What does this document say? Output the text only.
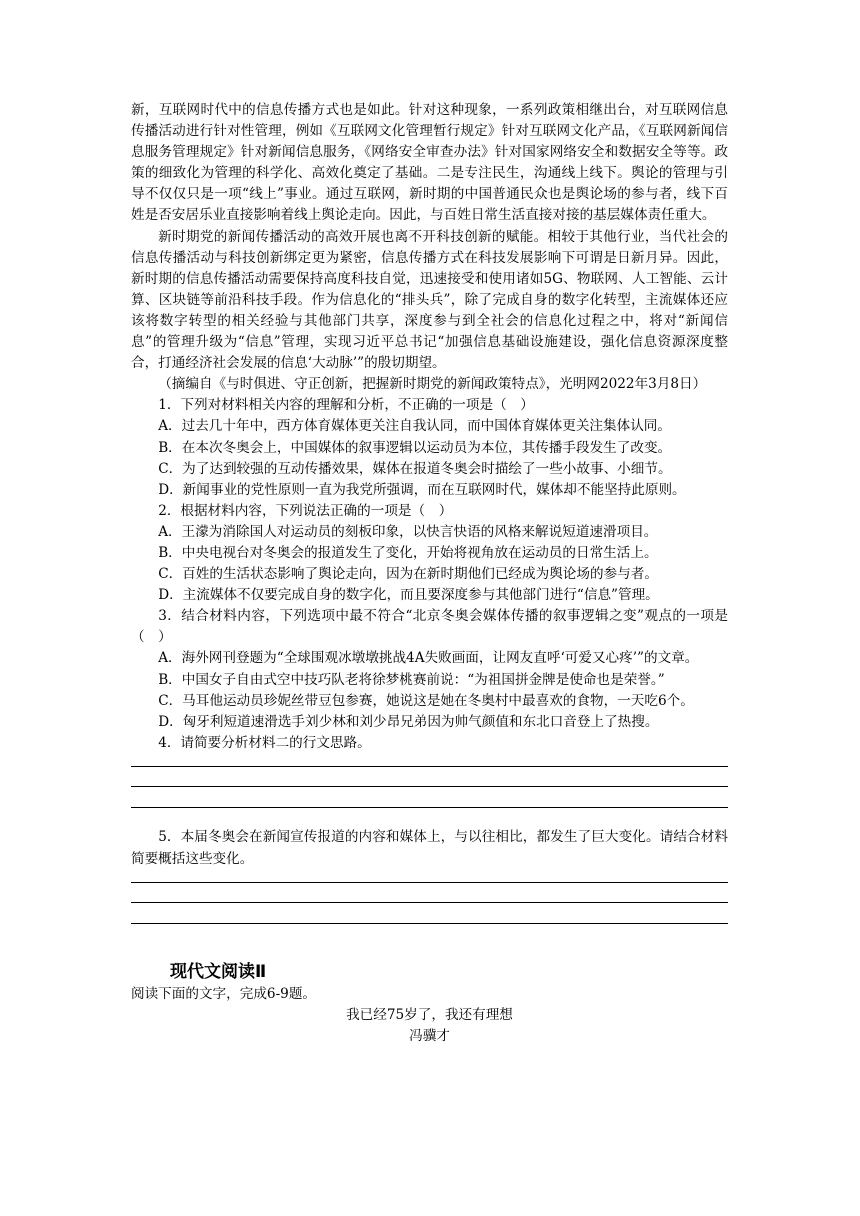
新，互联网时代中的信息传播方式也是如此。针对这种现象，一系列政策相继出台，对互联网信息传播活动进行针对性管理，例如《互联网文化管理暂行规定》针对互联网文化产品，《互联网新闻信息服务管理规定》针对新闻信息服务，《网络安全审查办法》针对国家网络安全和数据安全等等。政策的细致化为管理的科学化、高效化奠定了基础。二是专注民生，沟通线上线下。舆论的管理与引导不仅仅只是一项“线上”事业。通过互联网，新时期的中国普通民众也是舆论场的参与者，线下百姓是否安居乐业直接影响着线上舆论走向。因此，与百姓日常生活直接对接的基层媒体责任重大。

新时期党的新闻传播活动的高效开展也离不开科技创新的赋能。相较于其他行业，当代社会的信息传播活动与科技创新绑定更为紧密，信息传播方式在科技发展影响下可谓是日新月异。因此，新时期的信息传播活动需要保持高度科技自觉，迅速接受和使用诸如5G、物联网、人工智能、云计算、区块链等前沿科技手段。作为信息化的“排头兵”，除了完成自身的数字化转型，主流媒体还应该将数字转型的相关经验与其他部门共享，深度参与到全社会的信息化过程之中，将对“新闻信息”的管理升级为“信息”管理，实现习近平总书记“加强信息基础设施建设，强化信息资源深度整合，打通经济社会发展的信息‘大动脉’”的殷切期望。

（摘编自《与时俱进、守正创新，把握新时期党的新闻政策特点》，光明网2022年3月8日）

1．下列对材料相关内容的理解和分析，不正确的一项是（　）

A．过去几十年中，西方体育媒体更关注自我认同，而中国体育媒体更关注集体认同。

B．在本次冬奥会上，中国媒体的叙事逻辑以运动员为本位，其传播手段发生了改变。

C．为了达到较强的互动传播效果，媒体在报道冬奥会时描绘了一些小故事、小细节。

D．新闻事业的党性原则一直为我党所强调，而在互联网时代，媒体却不能坚持此原则。

2．根据材料内容，下列说法正确的一项是（　）

A．王濛为消除国人对运动员的刻板印象，以快言快语的风格来解说短道速滑项目。

B．中央电视台对冬奥会的报道发生了变化，开始将视角放在运动员的日常生活上。

C．百姓的生活状态影响了舆论走向，因为在新时期他们已经成为舆论场的参与者。

D．主流媒体不仅要完成自身的数字化，而且要深度参与其他部门进行“信息”管理。

3．结合材料内容，下列选项中最不符合“北京冬奥会媒体传播的叙事逻辑之变”观点的一项是（　）

A．海外网刊登题为“全球围观冰墩墩挑战4A失败画面，让网友直呼‘可爱又心疼’”的文章。

B．中国女子自由式空中技巧队老将徐梦桃赛前说：“为祖国拼金牌是使命也是荣誉。”

C．马耳他运动员珍妮丝带豆包参赛，她说这是她在冬奥村中最喜欢的食物，一天吃6个。

D．匈牙利短道速滑选手刘少林和刘少昂兄弟因为帅气颜值和东北口音登上了热搜。

4．请简要分析材料二的行文思路。

5．本届冬奥会在新闻宣传报道的内容和媒体上，与以往相比，都发生了巨大变化。请结合材料简要概括这些变化。

现代文阅读Ⅱ

阅读下面的文字，完成6-9题。

我已经75岁了，我还有理想

冯骥才
